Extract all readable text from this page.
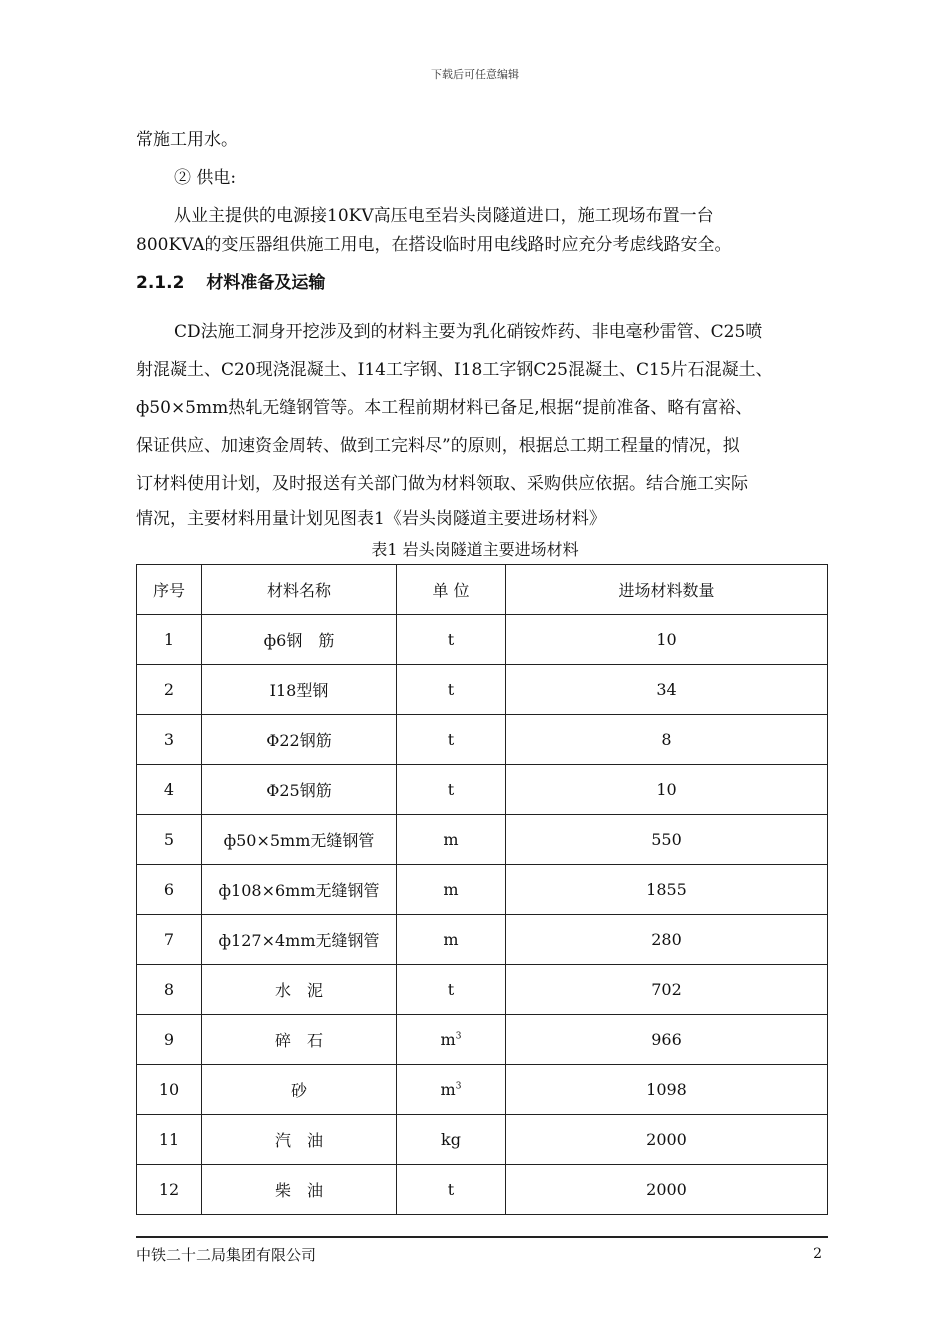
下载后可任意编辑
常施工用水。
② 供电:
从业主提供的电源接10KV高压电至岩头岗隧道进口，施工现场布置一台
800KVA的变压器组供施工用电，在搭设临时用电线路时应充分考虑线路安全。
2.1.2 材料准备及运输
CD法施工洞身开挖涉及到的材料主要为乳化硝铵炸药、非电毫秒雷管、C25喷
射混凝土、C20现浇混凝土、I14工字钢、I18工字钢C25混凝土、C15片石混凝土、
ф50×5mm热轧无缝钢管等。本工程前期材料已备足,根据“提前准备、略有富裕、
保证供应、加速资金周转、做到工完料尽”的原则，根据总工期工程量的情况，拟
订材料使用计划，及时报送有关部门做为材料领取、采购供应依据。结合施工实际
情况，主要材料用量计划见图表1《岩头岗隧道主要进场材料》
表1 岩头岗隧道主要进场材料
序号	材料名称	单 位	进场材料数量
1	ф6钢　筋	t	10
2	I18型钢	t	34
3	Φ22钢筋	t	8
4	Φ25钢筋	t	10
5	ф50×5mm无缝钢管	m	550
6	ф108×6mm无缝钢管	m	1855
7	ф127×4mm无缝钢管	m	280
8	水　泥	t	702
9	碎　石	$m^3$	966
10	砂	$m^3$	1098
11	汽　油	kg	2000
12	柴　油	t	2000
中铁二十二局集团有限公司	2
